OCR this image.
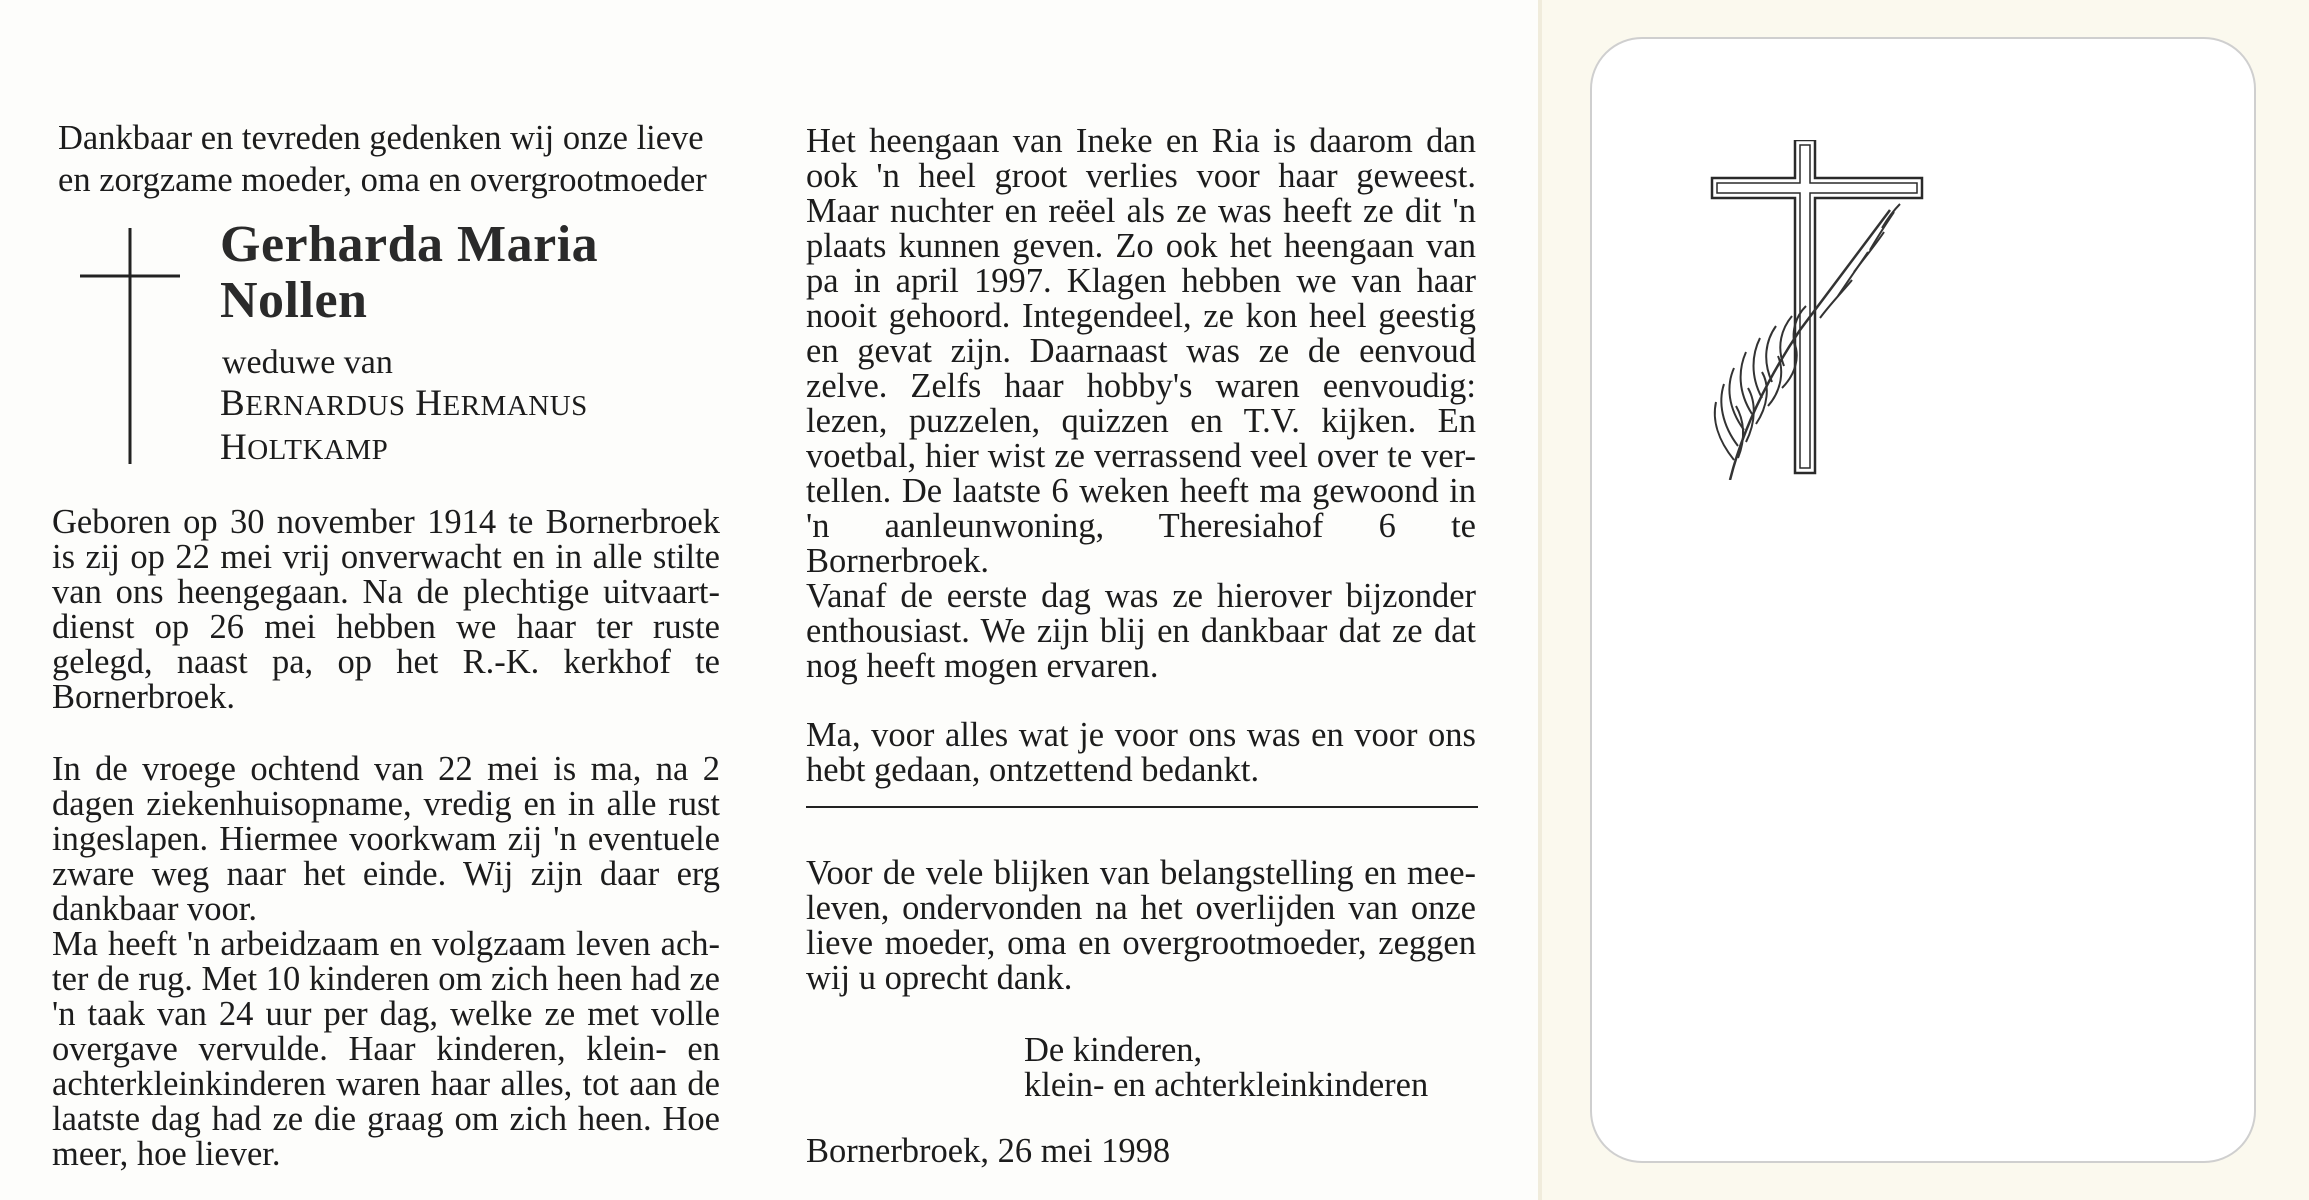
Dankbaar en tevreden gedenken wij onze lieve

en zorgzame moeder, oma en overgrootmoeder

Gerharda Maria

Nollen

weduwe van

BERNARDUS HERMANUS

HOLTKAMP

Geboren op 30 november 1914 te Bornerbroek

is zij op 22 mei vrij onverwacht en in alle stilte

van ons heengegaan. Na de plechtige uitvaart-

dienst op 26 mei hebben we haar ter ruste

gelegd, naast pa, op het R.-K. kerkhof te

Bornerbroek.

In de vroege ochtend van 22 mei is ma, na 2

dagen ziekenhuisopname, vredig en in alle rust

ingeslapen. Hiermee voorkwam zij 'n eventuele

zware weg naar het einde. Wij zijn daar erg

dankbaar voor.

Ma heeft 'n arbeidzaam en volgzaam leven ach-

ter de rug. Met 10 kinderen om zich heen had ze

'n taak van 24 uur per dag, welke ze met volle

overgave vervulde. Haar kinderen, klein- en

achterkleinkinderen waren haar alles, tot aan de

laatste dag had ze die graag om zich heen. Hoe

meer, hoe liever.

Het heengaan van Ineke en Ria is daarom dan

ook 'n heel groot verlies voor haar geweest.

Maar nuchter en reëel als ze was heeft ze dit 'n

plaats kunnen geven. Zo ook het heengaan van

pa in april 1997. Klagen hebben we van haar

nooit gehoord. Integendeel, ze kon heel geestig

en gevat zijn. Daarnaast was ze de eenvoud

zelve. Zelfs haar hobby's waren eenvoudig:

lezen, puzzelen, quizzen en T.V. kijken. En

voetbal, hier wist ze verrassend veel over te ver-

tellen. De laatste 6 weken heeft ma gewoond in

'n    aanleunwoning,    Theresiahof    6    te

Bornerbroek.

Vanaf de eerste dag was ze hierover bijzonder

enthousiast. We zijn blij en dankbaar dat ze dat

nog heeft mogen ervaren.

Ma, voor alles wat je voor ons was en voor ons

hebt gedaan, ontzettend bedankt.

Voor de vele blijken van belangstelling en mee-

leven, ondervonden na het overlijden van onze

lieve moeder, oma en overgrootmoeder, zeggen

wij u oprecht dank.

De kinderen,

klein- en achterkleinkinderen

Bornerbroek, 26 mei 1998
